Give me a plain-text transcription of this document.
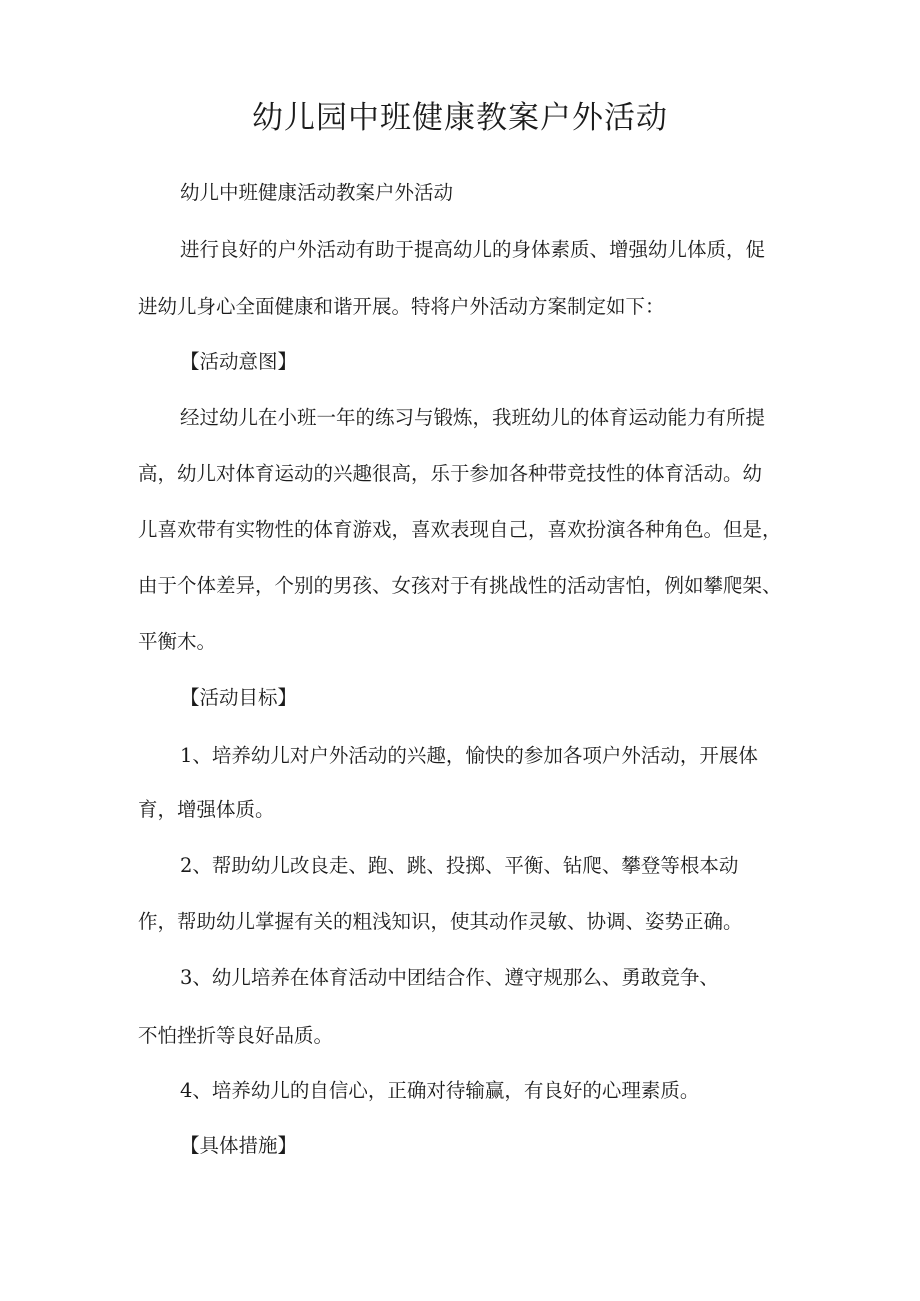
幼儿园中班健康教案户外活动

幼儿中班健康活动教案户外活动

进行良好的户外活动有助于提高幼儿的身体素质、增强幼儿体质，促

进幼儿身心全面健康和谐开展。特将户外活动方案制定如下：

【活动意图】

经过幼儿在小班一年的练习与锻炼，我班幼儿的体育运动能力有所提

高，幼儿对体育运动的兴趣很高，乐于参加各种带竞技性的体育活动。幼

儿喜欢带有实物性的体育游戏，喜欢表现自己，喜欢扮演各种角色。但是，

由于个体差异，个别的男孩、女孩对于有挑战性的活动害怕，例如攀爬架、

平衡木。

【活动目标】

1、培养幼儿对户外活动的兴趣，愉快的参加各项户外活动，开展体

育，增强体质。

2、帮助幼儿改良走、跑、跳、投掷、平衡、钻爬、攀登等根本动

作，帮助幼儿掌握有关的粗浅知识，使其动作灵敏、协调、姿势正确。

3、幼儿培养在体育活动中团结合作、遵守规那么、勇敢竞争、

不怕挫折等良好品质。

4、培养幼儿的自信心，正确对待输赢，有良好的心理素质。

【具体措施】
